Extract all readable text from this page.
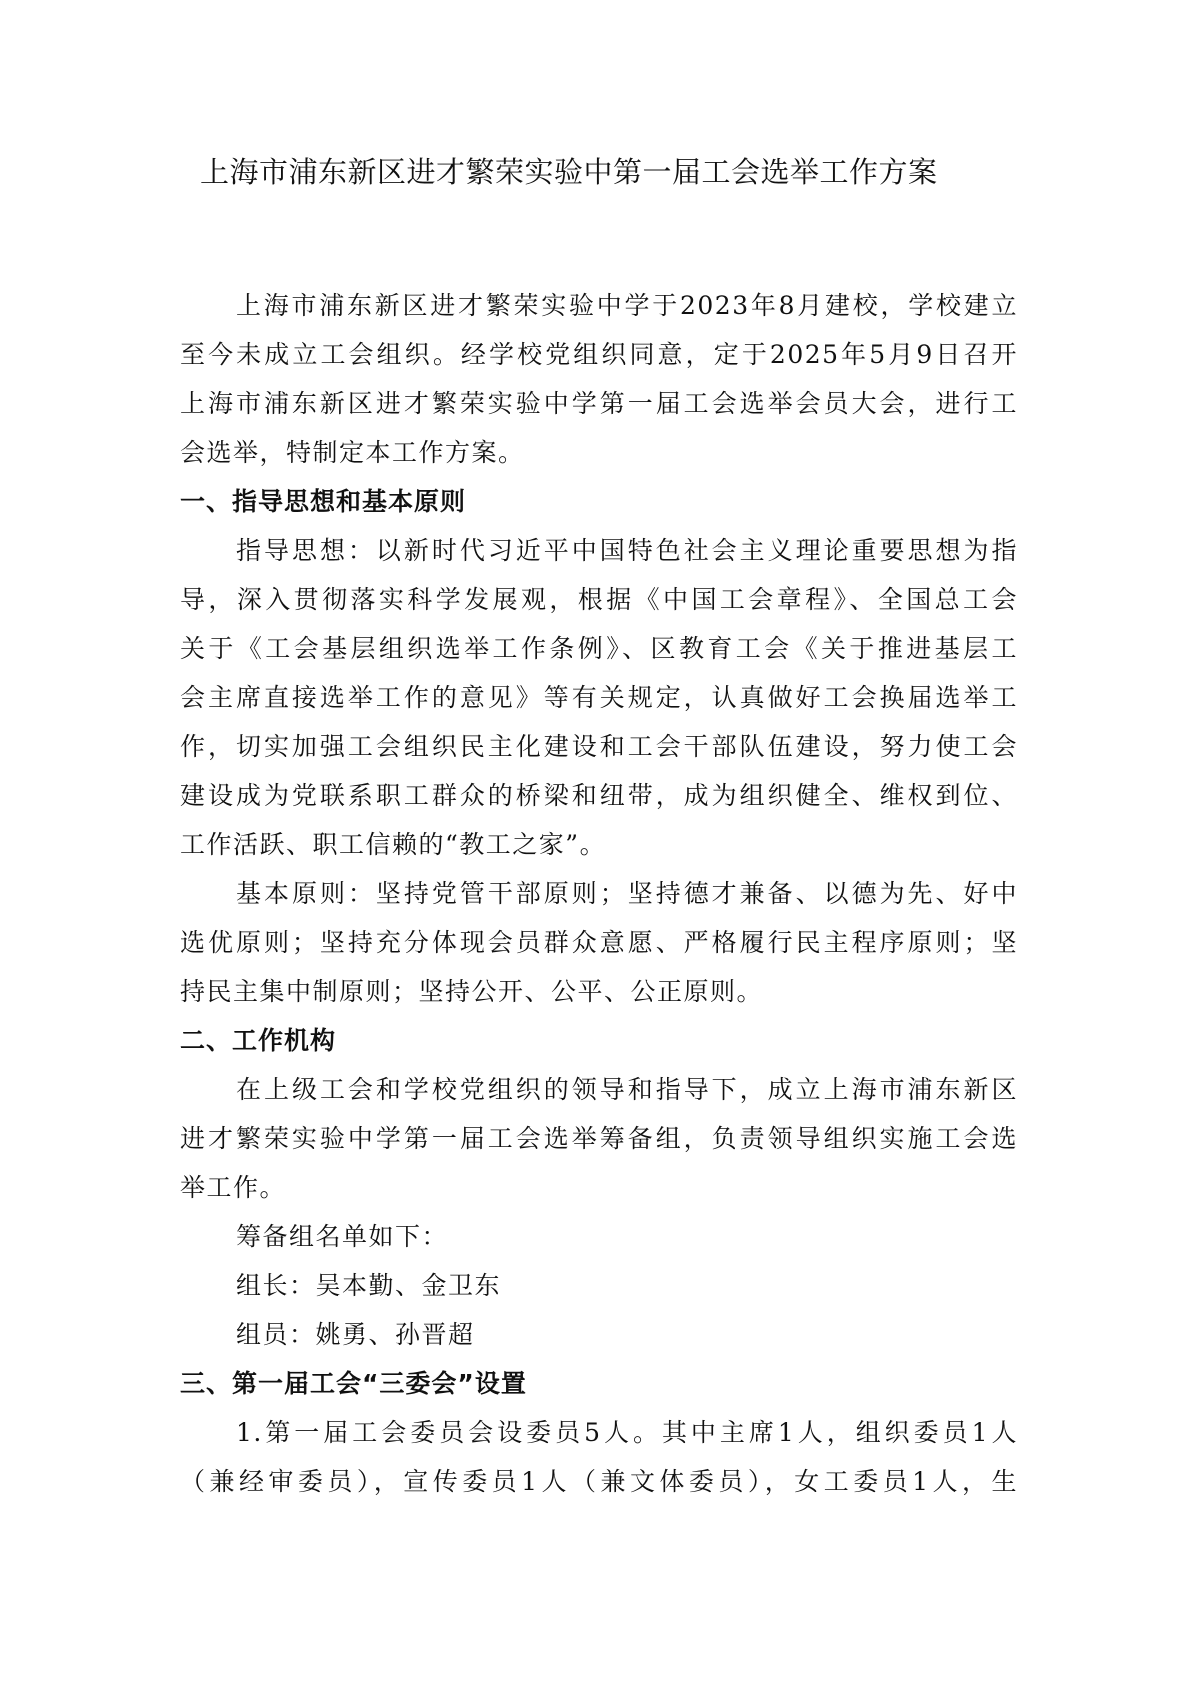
上海市浦东新区进才繁荣实验中第一届工会选举工作方案
上海市浦东新区进才繁荣实验中学于2023年8月建校，学校建立
至今未成立工会组织。经学校党组织同意，定于2025年5月9日召开
上海市浦东新区进才繁荣实验中学第一届工会选举会员大会，进行工
会选举，特制定本工作方案。
一、指导思想和基本原则
指导思想：以新时代习近平中国特色社会主义理论重要思想为指
导，深入贯彻落实科学发展观，根据《中国工会章程》、全国总工会
关于《工会基层组织选举工作条例》、区教育工会《关于推进基层工
会主席直接选举工作的意见》等有关规定，认真做好工会换届选举工
作，切实加强工会组织民主化建设和工会干部队伍建设，努力使工会
建设成为党联系职工群众的桥梁和纽带，成为组织健全、维权到位、
工作活跃、职工信赖的“教工之家”。
基本原则：坚持党管干部原则；坚持德才兼备、以德为先、好中
选优原则；坚持充分体现会员群众意愿、严格履行民主程序原则；坚
持民主集中制原则；坚持公开、公平、公正原则。
二、工作机构
在上级工会和学校党组织的领导和指导下，成立上海市浦东新区
进才繁荣实验中学第一届工会选举筹备组，负责领导组织实施工会选
举工作。
筹备组名单如下：
组长：吴本勤、金卫东
组员：姚勇、孙晋超
三、第一届工会“三委会”设置
1.第一届工会委员会设委员5人。其中主席1人，组织委员1人
（兼经审委员），宣传委员1人（兼文体委员），女工委员1人，生
